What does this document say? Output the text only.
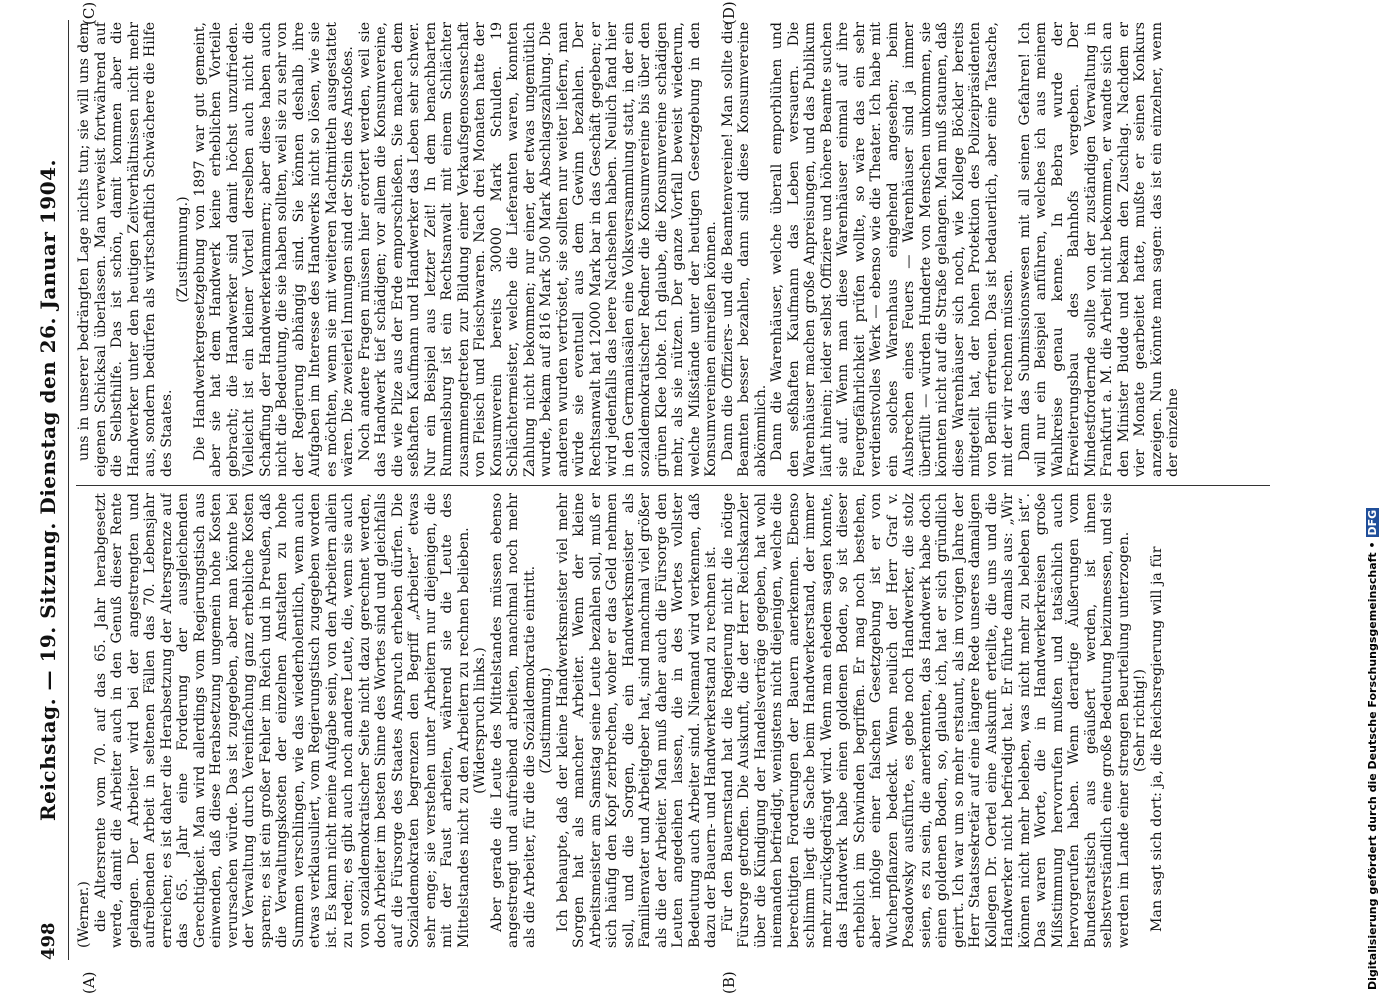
498
Reichstag. — 19. Sitzung. Dienstag den 26. Januar 1904.
(A)	(B)
(C)	(D)

(Werner.) die Altersrente vom 70. auf das 65. Jahr herabgesetzt werde, damit die Arbeiter auch in den Genuß dieser Rente gelangen. Der Arbeiter wird bei der angestrengten und aufreibenden Arbeit in seltenen Fällen das 70. Lebensjahr erreichen; es ist daher die Herabsetzung der Altersgrenze auf das 65. Jahr eine Forderung der ausgleichenden Gerechtigkeit. Man wird allerdings vom Regierungstisch aus einwenden, daß diese Herabsetzung ungemein hohe Kosten verursachen würde. Das ist zugegeben, aber man könnte bei der Verwaltung durch Vereinfachung ganz erhebliche Kosten sparen; es ist ein großer Fehler im Reich und in Preußen, daß die Verwaltungskosten der einzelnen Anstalten zu hohe Summen verschlingen, wie das wiederholentlich, wenn auch etwas verklausuliert, vom Regierungstisch zugegeben worden ist. Es kann nicht meine Aufgabe sein, von den Arbeitern allein zu reden; es gibt auch noch andere Leute, die, wenn sie auch von sozialdemokratischer Seite nicht dazu gerechnet werden, doch Arbeiter im besten Sinne des Wortes sind und gleichfalls auf die Fürsorge des Staates Anspruch erheben dürfen. Die Sozialdemokraten begrenzen den Begriff „Arbeiter“ etwas sehr enge; sie verstehen unter Arbeitern nur diejenigen, die mit der Faust arbeiten, während sie die Leute des Mittelstandes nicht zu den Arbeitern zu rechnen belieben. (Widerspruch links.) Aber gerade die Leute des Mittelstandes müssen ebenso angestrengt und aufreibend arbeiten, manchmal noch mehr als die Arbeiter, für die die Sozialdemokratie eintritt. (Zustimmung.) Ich behaupte, daß der kleine Handwerksmeister viel mehr Sorgen hat als mancher Arbeiter. Wenn der kleine Arbeitsmeister am Samstag seine Leute bezahlen soll, muß er sich häufig den Kopf zerbrechen, woher er das Geld nehmen soll, und die Sorgen, die ein Handwerksmeister als Familienvater und Arbeitgeber hat, sind manchmal viel größer als die der Arbeiter. Man muß daher auch die Fürsorge den Leuten angedeihen lassen, die in des Wortes vollster Bedeutung auch Arbeiter sind. Niemand wird verkennen, daß dazu der Bauern- und Handwerkerstand zu rechnen ist. Für den Bauernstand hat die Regierung nicht die nötige Fürsorge getroffen. Die Auskunft, die der Herr Reichskanzler über die Kündigung der Handelsverträge gegeben, hat wohl niemanden befriedigt, wenigstens nicht diejenigen, welche die berechtigten Forderungen der Bauern anerkennen. Ebenso schlimm liegt die Sache beim Handwerkerstand, der immer mehr zurückgedrängt wird. Wenn man ehedem sagen konnte, das Handwerk habe einen goldenen Boden, so ist dieser erheblich im Schwinden begriffen. Er mag noch bestehen, aber infolge einer falschen Gesetzgebung ist er von Wucherpflanzen bedeckt. Wenn neulich der Herr Graf v. Posadowsky ausführte, es gebe noch Handwerker, die stolz seien, es zu sein, die anerkennten, das Handwerk habe doch einen goldenen Boden, so, glaube ich, hat er sich gründlich geirrt. Ich war um so mehr erstaunt, als im vorigen Jahre der Herr Staatssekretär auf eine längere Rede unseres damaligen Kollegen Dr. Oertel eine Auskunft erteilte, die uns und die Handwerker nicht befriedigt hat. Er führte damals aus: „Wir können nicht mehr beleben, was nicht mehr zu beleben ist“. Das waren Worte, die in Handwerkerkreisen große Mißstimmung hervorrufen mußten und tatsächlich auch hervorgerufen haben. Wenn derartige Äußerungen vom Bundesratstisch aus geäußert werden, ist ihnen selbstverständlich eine große Bedeutung beizumessen, und sie werden im Lande einer strengen Beurteilung unterzogen. (Sehr richtig!) Man sagt sich dort: ja, die Reichsregierung will ja für

uns in unserer bedrängten Lage nichts tun; sie will uns dem eigenen Schicksal überlassen. Man verweist fortwährend auf die Selbsthilfe. Das ist schön, damit kommen aber die Handwerker unter den heutigen Zeitverhältnissen nicht mehr aus, sondern bedürfen als wirtschaftlich Schwächere die Hilfe des Staates.

(Zustimmung.) Die Handwerkergesetzgebung von 1897 war gut gemeint, aber sie hat dem Handwerk keine erheblichen Vorteile gebracht; die Handwerker sind damit höchst unzufrieden. Vielleicht ist ein kleiner Vorteil derselben auch nicht die Schaffung der Handwerkerkammern; aber diese haben auch nicht die Bedeutung, die sie haben sollten, weil sie zu sehr von der Regierung abhängig sind. Sie können deshalb ihre Aufgaben im Interesse des Handwerks nicht so lösen, wie sie es möchten, wenn sie mit weiteren Machtmitteln ausgestattet wären. Die zweierlei Innungen sind der Stein des Anstoßes. Noch andere Fragen müssen hier erörtert werden, weil sie das Handwerk tief schädigen; vor allem die Konsumvereine, die wie Pilze aus der Erde emporschießen. Sie machen dem seßhaften Kaufmann und Handwerker das Leben sehr schwer. Nur ein Beispiel aus letzter Zeit! In dem benachbarten Rummelsburg ist ein Rechtsanwalt mit einem Schlächter zusammengetreten zur Bildung einer Verkaufsgenossenschaft von Fleisch und Fleischwaren. Nach drei Monaten hatte der Konsumverein bereits 30000 Mark Schulden. 19 Schlächtermeister, welche die Lieferanten waren, konnten Zahlung nicht bekommen; nur einer, der etwas ungemütlich wurde, bekam auf 816 Mark 500 Mark Abschlagszahlung. Die anderen wurden vertröstet, sie sollten nur weiter liefern, man würde sie eventuell aus dem Gewinn bezahlen. Der Rechtsanwalt hat 12000 Mark bar in das Geschäft gegeben; er wird jedenfalls das leere Nachsehen haben. Neulich fand hier in den Germaniasälen eine Volksversammlung statt, in der ein sozialdemokratischer Redner die Konsumvereine bis über den grünen Klee lobte. Ich glaube, die Konsumvereine schädigen mehr, als sie nützen. Der ganze Vorfall beweist wiederum, welche Mißstände unter der heutigen Gesetzgebung in den Konsumvereinen einreißen können. Dann die Offiziers- und die Beamtenvereine! Man sollte die Beamten besser bezahlen, dann sind diese Konsumvereine abkömmlich. Dann die Warenhäuser, welche überall emporblühen und den seßhaften Kaufmann das Leben versauern. Die Warenhäuser machen große Anpreisungen, und das Publikum läuft hinein; leider selbst Offiziere und höhere Beamte suchen sie auf. Wenn man diese Warenhäuser einmal auf ihre Feuergefährlichkeit prüfen wollte, so wäre das ein sehr verdienstvolles Werk — ebenso wie die Theater. Ich habe mit ein solches Warenhaus eingehend angesehen; beim Ausbrechen eines Feuers — Warenhäuser sind ja immer überfüllt — würden Hunderte von Menschen umkommen, sie könnten nicht auf die Straße gelangen. Man muß staunen, daß diese Warenhäuser sich noch, wie Kollege Böckler bereits mitgeteilt hat, der hohen Protektion des Polizeipräsidenten von Berlin erfreuen. Das ist bedauerlich, aber eine Tatsache, mit der wir rechnen müssen. Dann das Submissionswesen mit all seinen Gefahren! Ich will nur ein Beispiel anführen, welches ich aus meinem Wahlkreise genau kenne. In Bebra wurde der Erweiterungsbau des Bahnhofs vergeben. Der Mindestfordernde sollte von der zuständigen Verwaltung in Frankfurt a. M. die Arbeit nicht bekommen, er wandte sich an den Minister Budde und bekam den Zuschlag. Nachdem er vier Monate gearbeitet hatte, mußte er seinen Konkurs anzeigen. Nun könnte man sagen: das ist ein einzelner, wenn der einzelne

Digitalisierung gefördert durch die Deutsche Forschungsgemeinschaft •DFG
